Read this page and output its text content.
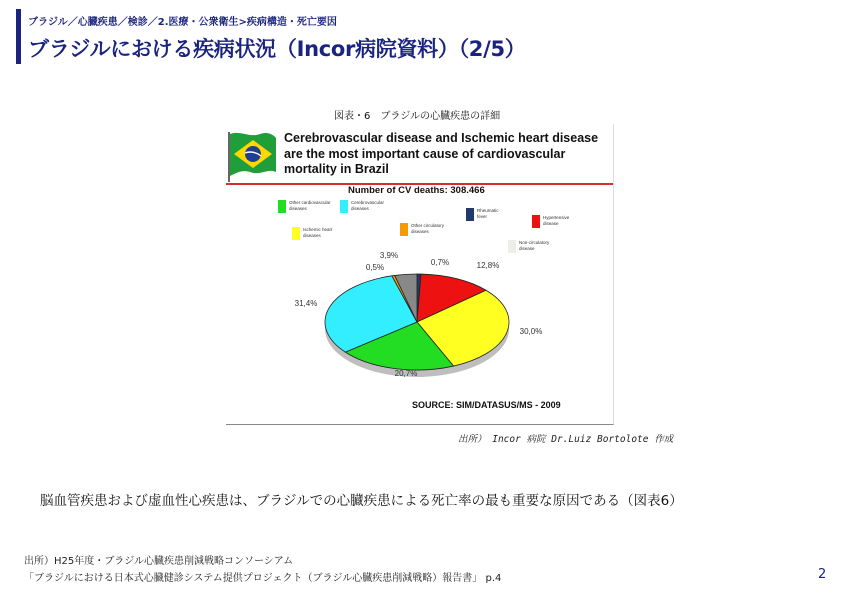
ブラジル／心臓疾患／検診／2.医療・公衆衛生>疾病構造・死亡要因
ブラジルにおける疾病状況（Incor病院資料）（2/5）
図表・6　ブラジルの心臓疾患の詳細
Cerebrovascular disease and Ischemic heart disease are the most important cause of cardiovascular mortality in Brazil
Number of CV deaths: 308.466
Other cardiovascular diseases
Cerebrovascular diseases	Rheumatic fever	Hypertensive disease
Ischemic heart diseases
Other circulatory diseases
Non-circulatory disease
0,7%	12,8%
30,0%
20,7%
31,4%
0,5%
3,9%
SOURCE: SIM/DATASUS/MS - 2009
出所） Incor 病院 Dr.Luiz Bortolote 作成
脳血管疾患および虚血性心疾患は、ブラジルでの心臓疾患による死亡率の最も重要な原因である（図表6）
出所）H25年度・ブラジル心臓疾患削減戦略コンソーシアム
「ブラジルにおける日本式心臓健診システム提供プロジェクト（ブラジル心臓疾患削減戦略）報告書」 p.4	2
